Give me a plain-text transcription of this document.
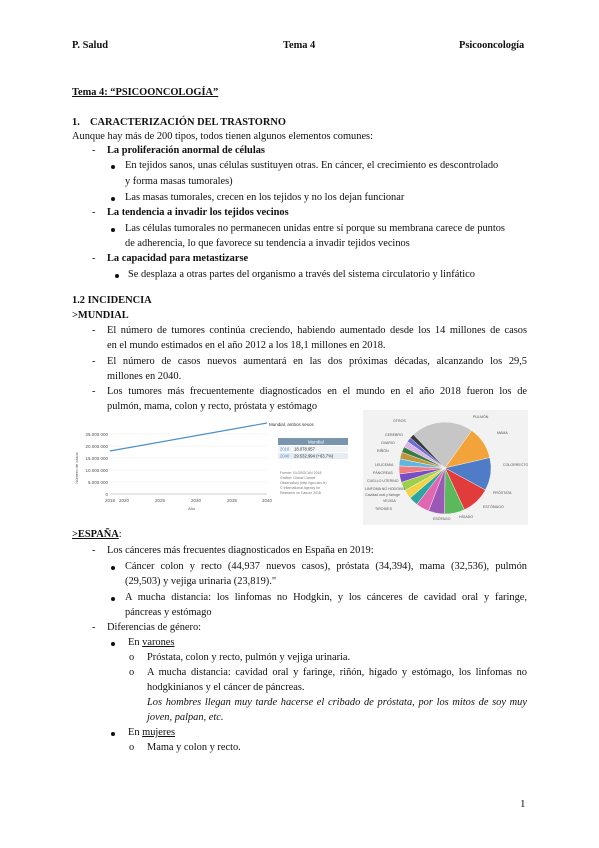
P. Salud	Tema 4	Psicooncología
Tema 4: “PSICOONCOLOGÍA”
1. CARACTERIZACIÓN DEL TRASTORNO
Aunque hay más de 200 tipos, todos tienen algunos elementos comunes:
- La proliferación anormal de células
En tejidos sanos, unas células sustituyen otras. En cáncer, el crecimiento es descontrolado
y forma masas tumorales)
Las masas tumorales, crecen en los tejidos y no los dejan funcionar
- La tendencia a invadir los tejidos vecinos
Las células tumorales no permanecen unidas entre sí porque su membrana carece de puntos
de adherencia, lo que favorece su tendencia a invadir tejidos vecinos
- La capacidad para metastizarse
Se desplaza a otras partes del organismo a través del sistema circulatorio y linfático
1.2 INCIDENCIA
>MUNDIAL
- El número de tumores continúa creciendo, habiendo aumentado desde los 14 millones de casos
en el mundo estimados en el año 2012 a los 18,1 millones en 2018.
- El número de casos nuevos aumentará en las dos próximas décadas, alcanzando los 29,5
millones en 2040.
- Los tumores más frecuentemente diagnosticados en el mundo en el año 2018 fueron los de
pulmón, mama, colon y recto, próstata y estómago
25.000.000
20.000.000
15.000.000
10.000.000
5.000.000
0
Número de casos
2018 2020	2025	2030	2035	2040
Año
Mundial, ambos sexos
Mundial
2018 18.078.957
2040 29.532.994 (+63.7%)
Fuente: GLOBOCAN 2018
Gráfico: Global Cancer
Observatory (http://gco.iarc.fr)
© International Agency for
Research on Cancer 2018
OTROS
PULMÓN
MAMA
COLORRECTO
PRÓSTATA
ESTÓMAGO
HÍGADO
ESÓFAGO
CUELLO UTERINO
TIROIDES
VEJIGA
LINFOMA NO HODGKIN
PÁNCREAS
LEUCEMIA
Cavidad oral y faringe
RIÑÓN
OVARIO
CEREBRO
>ESPAÑA:
- Los cánceres más frecuentes diagnosticados en España en 2019:
Cáncer colon y recto (44,937 nuevos casos), próstata (34,394), mama (32,536), pulmón
(29,503) y vejiga urinaria (23,819)."
A mucha distancia: los linfomas no Hodgkin, y los cánceres de cavidad oral y faringe,
páncreas y estómago
- Diferencias de género:
En varones
o Próstata, colon y recto, pulmón y vejiga urinaria.
o A mucha distancia: cavidad oral y faringe, riñón, hígado y estómago, los linfomas no
hodgkinianos y el cáncer de páncreas.
Los hombres llegan muy tarde hacerse el cribado de próstata, por los mitos de soy muy
joven, palpan, etc.
En mujeres
o Mama y colon y recto.
1
